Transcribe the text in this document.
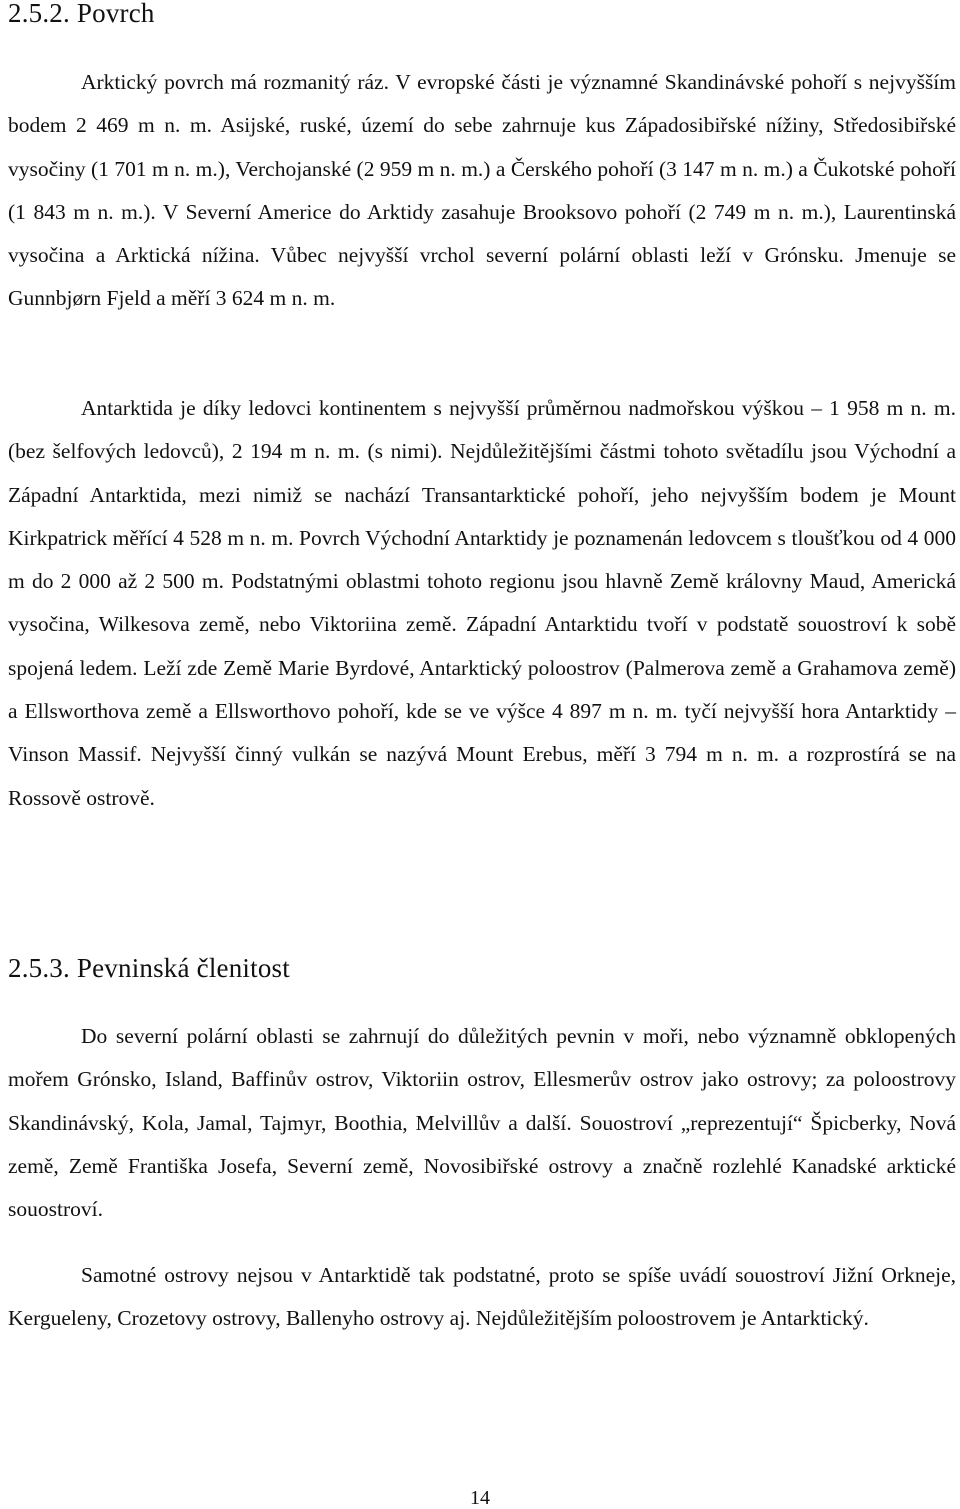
2.5.2. Povrch

Arktický povrch má rozmanitý ráz. V evropské části je významné Skandinávské pohoří s nejvyšším bodem 2 469 m n. m. Asijské, ruské, území do sebe zahrnuje kus Západosibiřské nížiny, Středosibiřské vysočiny (1 701 m n. m.), Verchojanské (2 959 m n. m.) a Čerského pohoří (3 147 m n. m.) a Čukotské pohoří (1 843 m n. m.). V Severní Americe do Arktidy zasahuje Brooksovo pohoří (2 749 m n. m.), Laurentinská vysočina a Arktická nížina. Vůbec nejvyšší vrchol severní polární oblasti leží v Grónsku. Jmenuje se Gunnbjørn Fjeld a měří 3 624 m n. m.

Antarktida je díky ledovci kontinentem s nejvyšší průměrnou nadmořskou výškou – 1 958 m n. m. (bez šelfových ledovců), 2 194 m n. m. (s nimi). Nejdůležitějšími částmi tohoto světadílu jsou Východní a Západní Antarktida, mezi nimiž se nachází Transantarktické pohoří, jeho nejvyšším bodem je Mount Kirkpatrick měřící 4 528 m n. m. Povrch Východní Antarktidy je poznamenán ledovcem s tloušťkou od 4 000 m do 2 000 až 2 500 m. Podstatnými oblastmi tohoto regionu jsou hlavně Země královny Maud, Americká vysočina, Wilkesova země, nebo Viktoriina země. Západní Antarktidu tvoří v podstatě souostroví k sobě spojená ledem. Leží zde Země Marie Byrdové, Antarktický poloostrov (Palmerova země a Grahamova země) a Ellsworthova země a Ellsworthovo pohoří, kde se ve výšce 4 897 m n. m. tyčí nejvyšší hora Antarktidy – Vinson Massif. Nejvyšší činný vulkán se nazývá Mount Erebus, měří 3 794 m n. m. a rozprostírá se na Rossově ostrově.

2.5.3. Pevninská členitost

Do severní polární oblasti se zahrnují do důležitých pevnin v moři, nebo významně obklopených mořem Grónsko, Island, Baffinův ostrov, Viktoriin ostrov, Ellesmerův ostrov jako ostrovy; za poloostrovy Skandinávský, Kola, Jamal, Tajmyr, Boothia, Melvillův a další. Souostroví „reprezentují“ Špicberky, Nová země, Země Františka Josefa, Severní země, Novosibiřské ostrovy a značně rozlehlé Kanadské arktické souostroví.

Samotné ostrovy nejsou v Antarktidě tak podstatné, proto se spíše uvádí souostroví Jižní Orkneje, Kergueleny, Crozetovy ostrovy, Ballenyho ostrovy aj. Nejdůležitějším poloostrovem je Antarktický.

14
